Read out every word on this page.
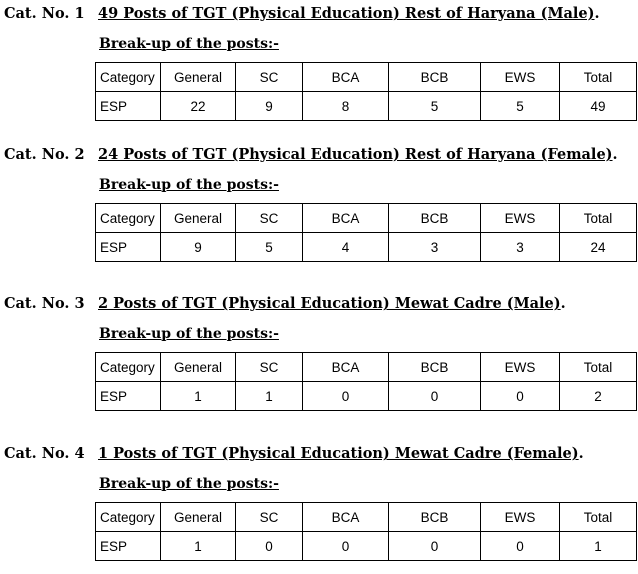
Cat. No. 1 49 Posts of TGT (Physical Education) Rest of Haryana (Male).
Break-up of the posts:-
Category	General	SC	BCA	BCB	EWS	Total
ESP	22	9	8	5	5	49
Cat. No. 2 24 Posts of TGT (Physical Education) Rest of Haryana (Female).
Break-up of the posts:-
Category	General	SC	BCA	BCB	EWS	Total
ESP	9	5	4	3	3	24
Cat. No. 3 2 Posts of TGT (Physical Education) Mewat Cadre (Male).
Break-up of the posts:-
Category	General	SC	BCA	BCB	EWS	Total
ESP	1	1	0	0	0	2
Cat. No. 4 1 Posts of TGT (Physical Education) Mewat Cadre (Female).
Break-up of the posts:-
Category	General	SC	BCA	BCB	EWS	Total
ESP	1	0	0	0	0	1
